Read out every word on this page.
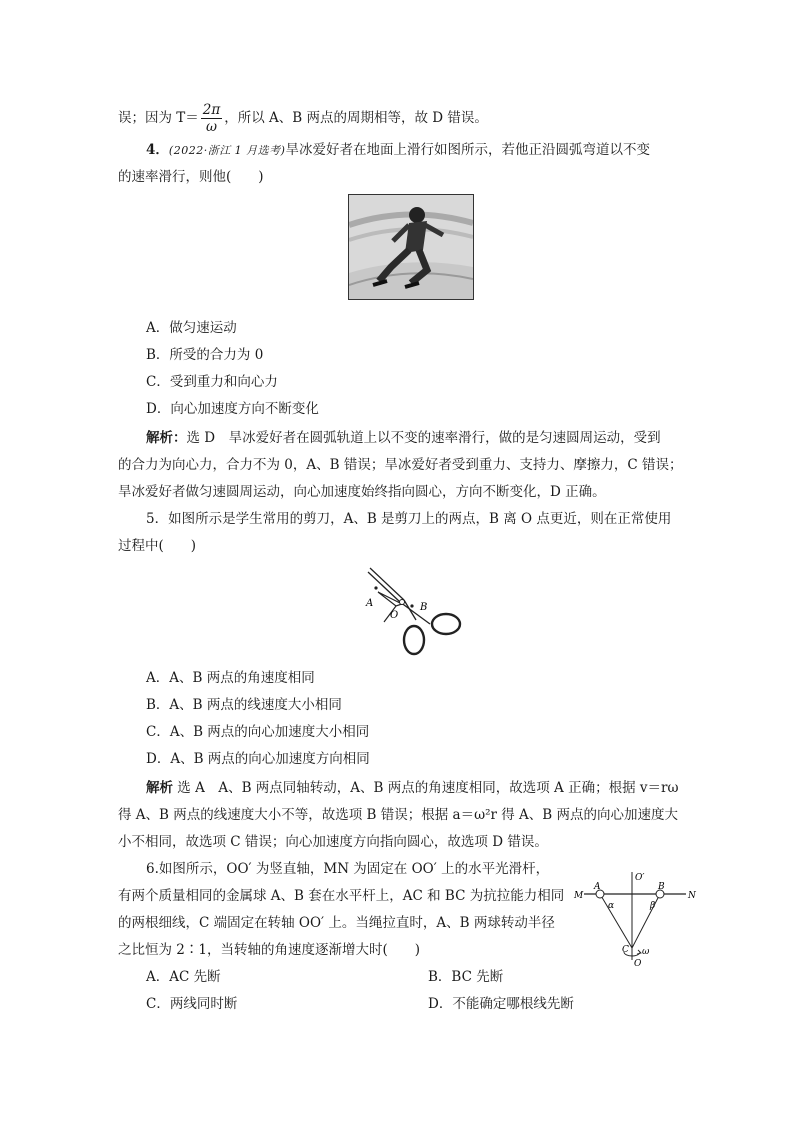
误；因为 $T= \frac{2\pi}{\omega}$ ，所以 A、B 两点的周期相等，故 D 错误。
4．(2022·浙江 1 月选考)旱冰爱好者在地面上滑行如图所示，若他正沿圆弧弯道以不变
的速率滑行，则他(　　)
A．做匀速运动
B．所受的合力为 0
C．受到重力和向心力
D．向心加速度方向不断变化
解析：选 D　旱冰爱好者在圆弧轨道上以不变的速率滑行，做的是匀速圆周运动，受到
的合力为向心力，合力不为 0，A、B 错误；旱冰爱好者受到重力、支持力、摩擦力，C 错误；
旱冰爱好者做匀速圆周运动，向心加速度始终指向圆心，方向不断变化，D 正确。
5．如图所示是学生常用的剪刀，A、B 是剪刀上的两点，B 离 O 点更近，则在正常使用
过程中(　　)
A	B
O
A．A、B 两点的角速度相同
B．A、B 两点的线速度大小相同
C．A、B 两点的向心加速度大小相同
D．A、B 两点的向心加速度方向相同
解析 选 A　A、B 两点同轴转动，A、B 两点的角速度相同，故选项 A 正确；根据 v＝rω
得 A、B 两点的线速度大小不等，故选项 B 错误；根据 a＝ω²r 得 A、B 两点的向心加速度大
小不相同，故选项 C 错误；向心加速度方向指向圆心，故选项 D 错误。
6.如图所示，OO′ 为竖直轴，MN 为固定在 OO′ 上的水平光滑杆，
有两个质量相同的金属球 A、B 套在水平杆上，AC 和 BC 为抗拉能力相同
的两根细线，C 端固定在转轴 OO′ 上。当绳拉直时，A、B 两球转动半径
之比恒为 2∶1，当转轴的角速度逐渐增大时(　　)
O′
M
A	B
N
α	β
C ω
O
A．AC 先断	B．BC 先断
C．两线同时断	D．不能确定哪根线先断
